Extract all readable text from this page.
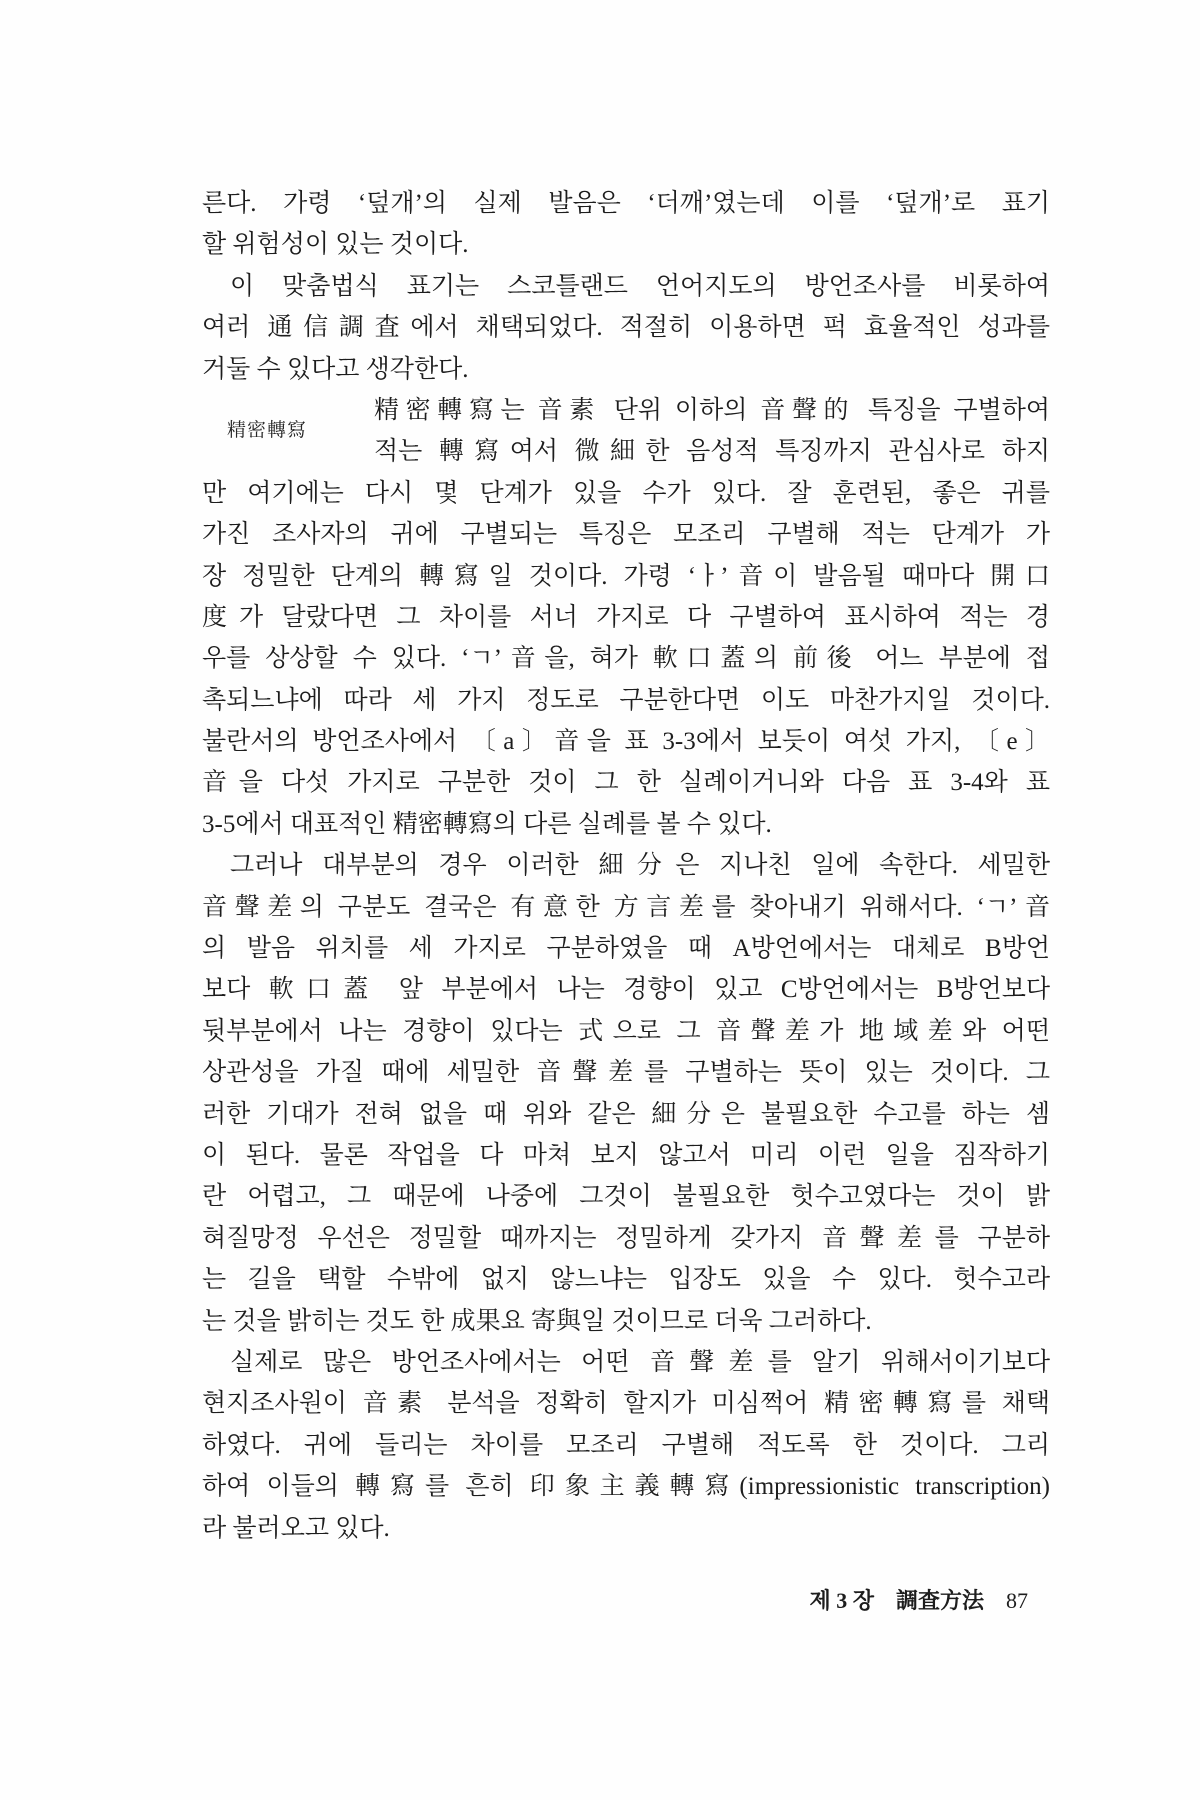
精密轉寫
른다. 가령 ‘덮개’의 실제 발음은 ‘더깨’였는데 이를 ‘덮개’로 표기
할 위험성이 있는 것이다.
이 맞춤법식 표기는 스코틀랜드 언어지도의 방언조사를 비롯하여
여러 通信調査에서 채택되었다. 적절히 이용하면 퍽 효율적인 성과를
거둘 수 있다고 생각한다.
精密轉寫는 音素 단위 이하의 音聲的 특징을 구별하여
적는 轉寫여서 微細한 음성적 특징까지 관심사로 하지
만 여기에는 다시 몇 단계가 있을 수가 있다. 잘 훈련된, 좋은 귀를
가진 조사자의 귀에 구별되는 특징은 모조리 구별해 적는 단계가 가
장 정밀한 단계의 轉寫일 것이다. 가령 ‘ㅏ’音이 발음될 때마다 開口
度가 달랐다면 그 차이를 서너 가지로 다 구별하여 표시하여 적는 경
우를 상상할 수 있다. ‘ㄱ’音을, 혀가 軟口蓋의 前後 어느 부분에 접
촉되느냐에 따라 세 가지 정도로 구분한다면 이도 마찬가지일 것이다.
불란서의 방언조사에서 〔a〕音을 표 3-3에서 보듯이 여섯 가지, 〔e〕
音을 다섯 가지로 구분한 것이 그 한 실례이거니와 다음 표 3-4와 표
3-5에서 대표적인 精密轉寫의 다른 실례를 볼 수 있다.
그러나 대부분의 경우 이러한 細分은 지나친 일에 속한다. 세밀한
音聲差의 구분도 결국은 有意한 方言差를 찾아내기 위해서다. ‘ㄱ’音
의 발음 위치를 세 가지로 구분하였을 때 A방언에서는 대체로 B방언
보다 軟口蓋 앞 부분에서 나는 경향이 있고 C방언에서는 B방언보다
뒷부분에서 나는 경향이 있다는 式으로 그 音聲差가 地域差와 어떤
상관성을 가질 때에 세밀한 音聲差를 구별하는 뜻이 있는 것이다. 그
러한 기대가 전혀 없을 때 위와 같은 細分은 불필요한 수고를 하는 셈
이 된다. 물론 작업을 다 마쳐 보지 않고서 미리 이런 일을 짐작하기
란 어렵고, 그 때문에 나중에 그것이 불필요한 헛수고였다는 것이 밝
혀질망정 우선은 정밀할 때까지는 정밀하게 갖가지 音聲差를 구분하
는 길을 택할 수밖에 없지 않느냐는 입장도 있을 수 있다. 헛수고라
는 것을 밝히는 것도 한 成果요 寄與일 것이므로 더욱 그러하다.
실제로 많은 방언조사에서는 어떤 音聲差를 알기 위해서이기보다
현지조사원이 音素 분석을 정확히 할지가 미심쩍어 精密轉寫를 채택
하였다. 귀에 들리는 차이를 모조리 구별해 적도록 한 것이다. 그리
하여 이들의 轉寫를 흔히 印象主義轉寫(impressionistic transcription)
라 불러오고 있다.
제 3 장 調査方法 87
